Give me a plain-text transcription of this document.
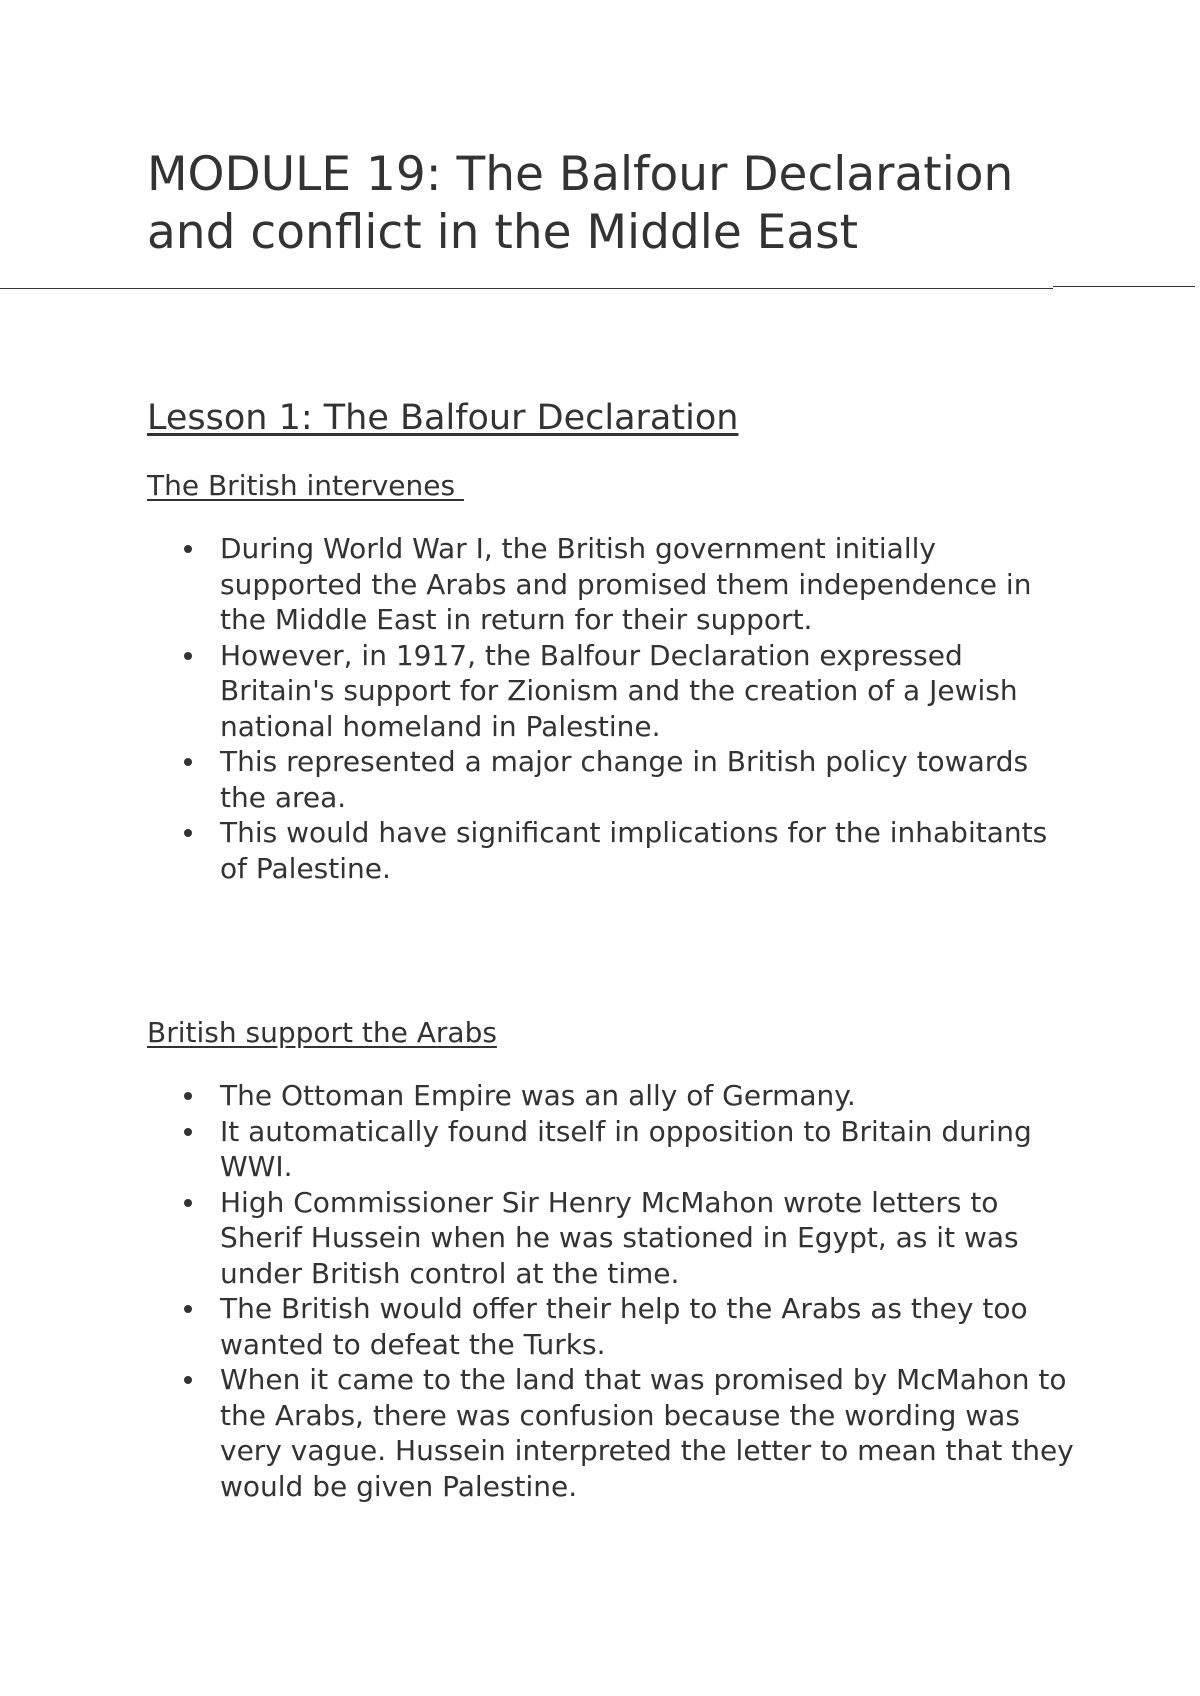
MODULE 19: The Balfour Declaration and conflict in the Middle East
Lesson 1: The Balfour Declaration
The British intervenes
During World War I, the British government initially supported the Arabs and promised them independence in the Middle East in return for their support.
However, in 1917, the Balfour Declaration expressed Britain's support for Zionism and the creation of a Jewish national homeland in Palestine.
This represented a major change in British policy towards the area.
This would have significant implications for the inhabitants of Palestine.
British support the Arabs
The Ottoman Empire was an ally of Germany.
It automatically found itself in opposition to Britain during WWI.
High Commissioner Sir Henry McMahon wrote letters to Sherif Hussein when he was stationed in Egypt, as it was under British control at the time.
The British would offer their help to the Arabs as they too wanted to defeat the Turks.
When it came to the land that was promised by McMahon to the Arabs, there was confusion because the wording was very vague. Hussein interpreted the letter to mean that they would be given Palestine.
